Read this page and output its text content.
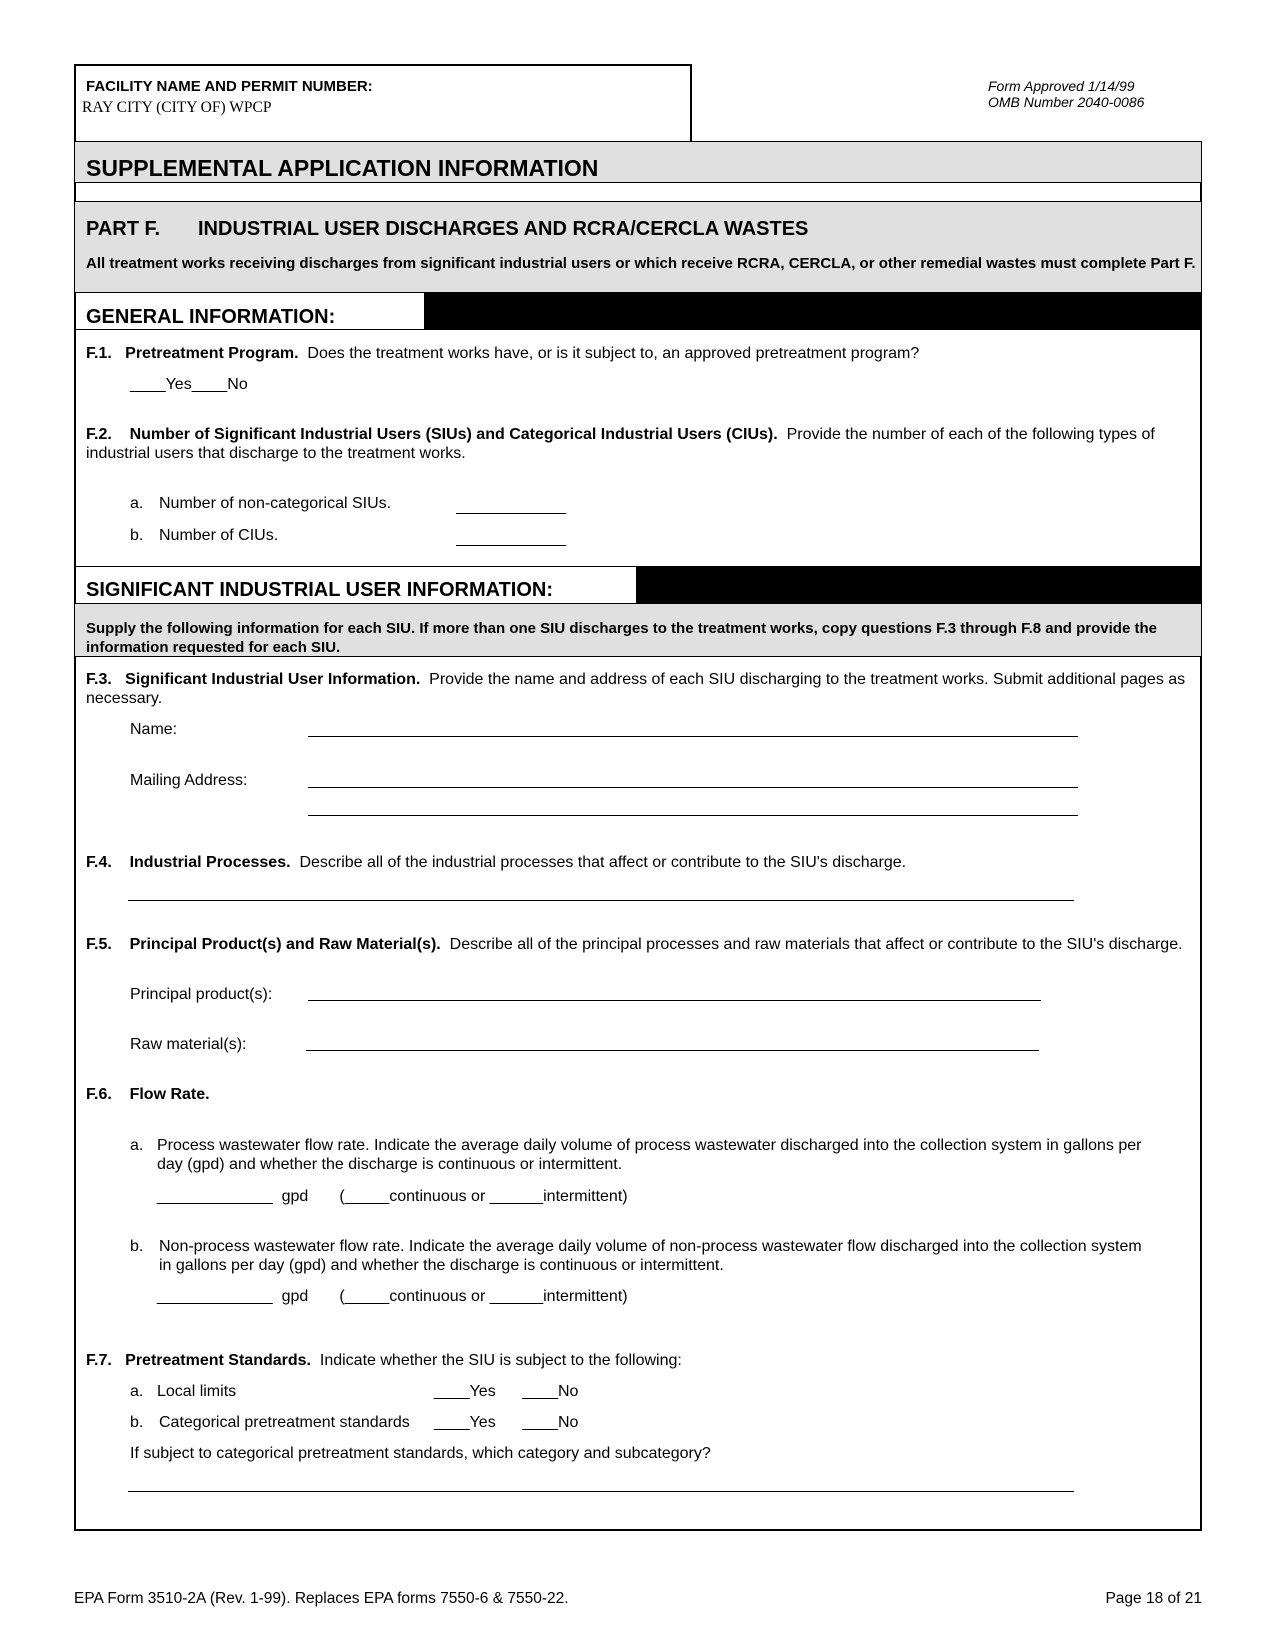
FACILITY NAME AND PERMIT NUMBER:
RAY CITY (CITY OF) WPCP
Form Approved 1/14/99
OMB Number 2040-0086
SUPPLEMENTAL APPLICATION INFORMATION
PART F. INDUSTRIAL USER DISCHARGES AND RCRA/CERCLA WASTES
All treatment works receiving discharges from significant industrial users or which receive RCRA, CERCLA, or other remedial wastes must complete Part F.
GENERAL INFORMATION:
F.1. Pretreatment Program. Does the treatment works have, or is it subject to, an approved pretreatment program?
____Yes____No
F.2. Number of Significant Industrial Users (SIUs) and Categorical Industrial Users (CIUs). Provide the number of each of the following types of industrial users that discharge to the treatment works.
a. Number of non-categorical SIUs.
b. Number of CIUs.
SIGNIFICANT INDUSTRIAL USER INFORMATION:
Supply the following information for each SIU. If more than one SIU discharges to the treatment works, copy questions F.3 through F.8 and provide the information requested for each SIU.
F.3. Significant Industrial User Information. Provide the name and address of each SIU discharging to the treatment works. Submit additional pages as necessary.
Name:
Mailing Address:
F.4. Industrial Processes. Describe all of the industrial processes that affect or contribute to the SIU's discharge.
F.5. Principal Product(s) and Raw Material(s). Describe all of the principal processes and raw materials that affect or contribute to the SIU's discharge.
Principal product(s):
Raw material(s):
F.6. Flow Rate.
a. Process wastewater flow rate. Indicate the average daily volume of process wastewater discharged into the collection system in gallons per day (gpd) and whether the discharge is continuous or intermittent.
_____________  gpd       (_____continuous or ______intermittent)
b. Non-process wastewater flow rate. Indicate the average daily volume of non-process wastewater flow discharged into the collection system in gallons per day (gpd) and whether the discharge is continuous or intermittent.
_____________  gpd       (_____continuous or ______intermittent)
F.7. Pretreatment Standards. Indicate whether the SIU is subject to the following:
a. Local limits	____Yes      ____No
b. Categorical pretreatment standards ____Yes      ____No
If subject to categorical pretreatment standards, which category and subcategory?
EPA Form 3510-2A (Rev. 1-99). Replaces EPA forms 7550-6 & 7550-22.	Page 18 of 21
